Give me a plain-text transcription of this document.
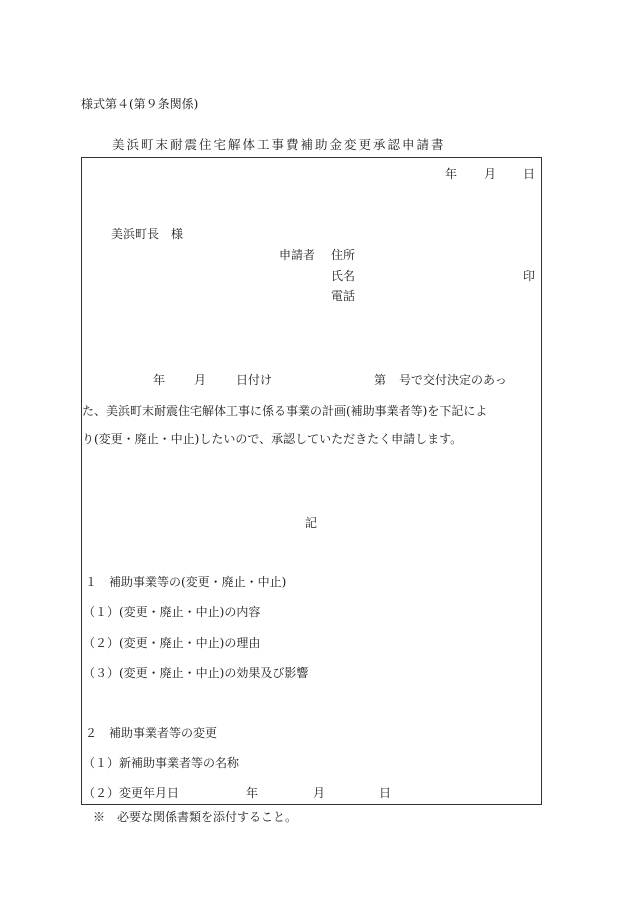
様式第４(第９条関係)
美浜町末耐震住宅解体工事費補助金変更承認申請書
年 月 日
美浜町長　様
申請者 住所
氏名	印
電話
年 月 日付け	第 号で交付決定のあっ
た、美浜町末耐震住宅解体工事に係る事業の計画(補助事業者等)を下記によ
り(変更・廃止・中止)したいので、承認していただきたく申請します。
記
１　補助事業等の(変更・廃止・中止)
（１）(変更・廃止・中止)の内容
（２）(変更・廃止・中止)の理由
（３）(変更・廃止・中止)の効果及び影響
２　補助事業者等の変更
（１）新補助事業者等の名称
（２）変更年月日	年	月	日
※　必要な関係書類を添付すること。
